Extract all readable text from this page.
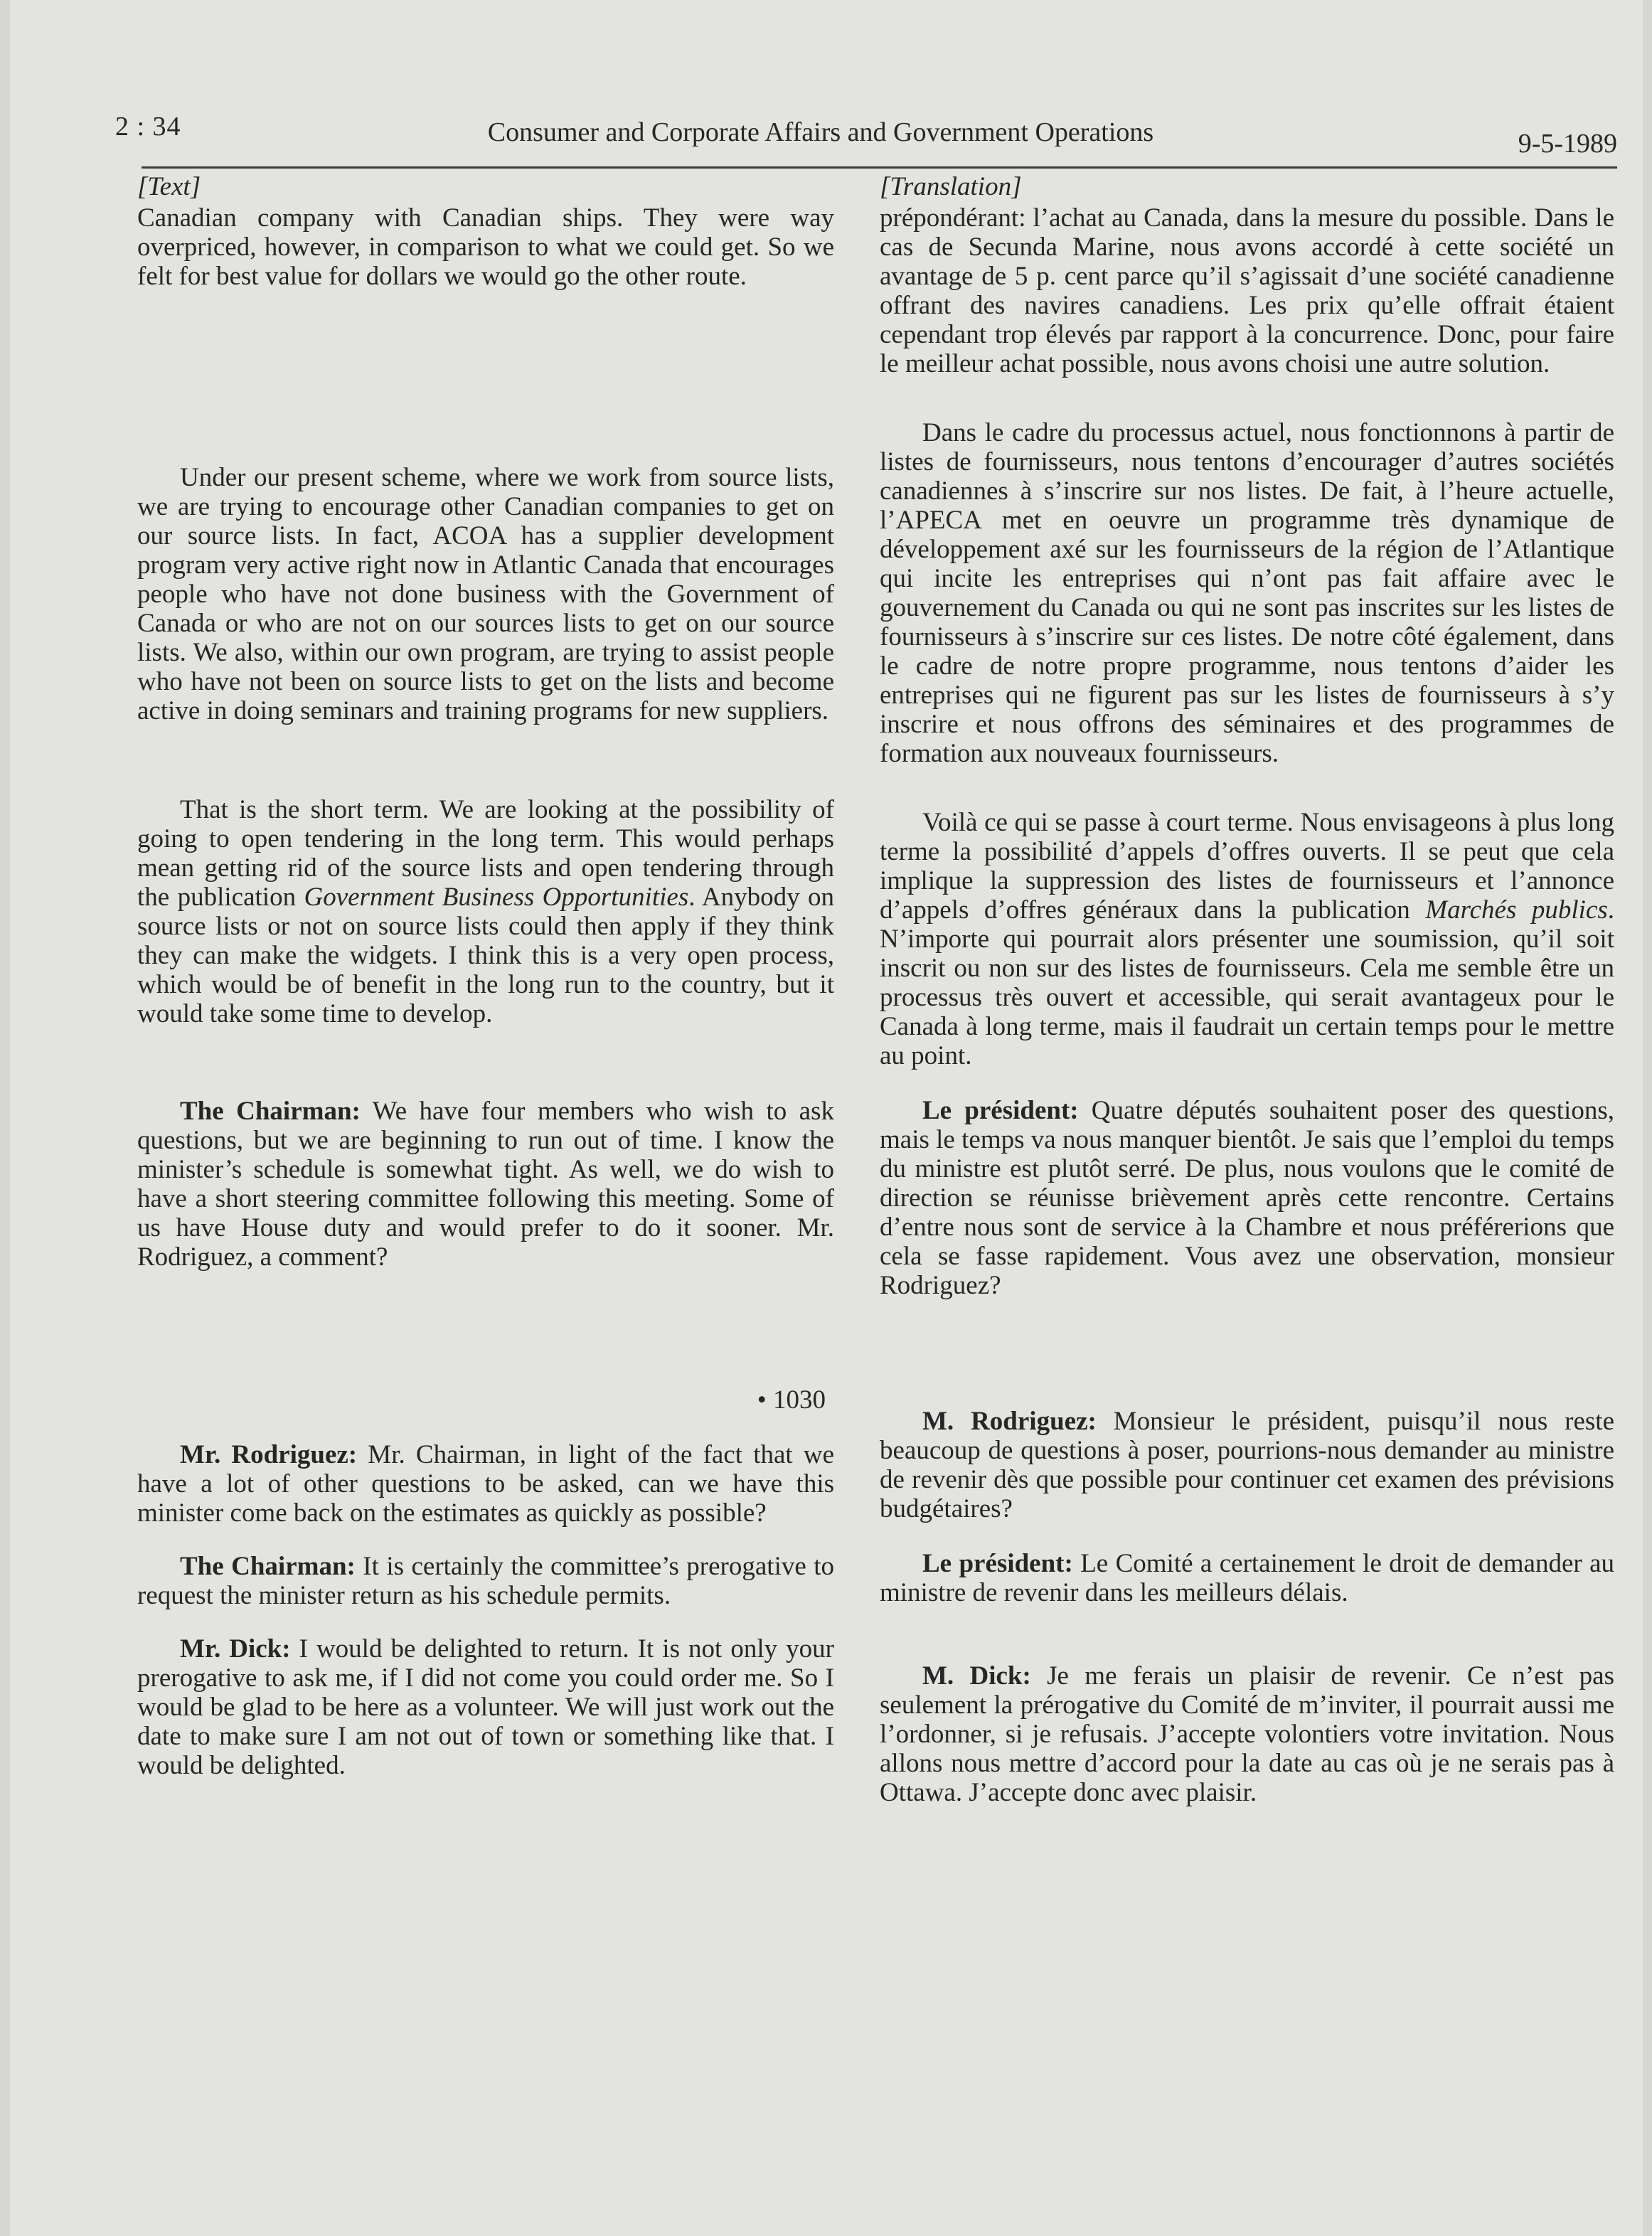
2 : 34	Consumer and Corporate Affairs and Government Operations	9-5-1989
[Text]

Canadian company with Canadian ships. They were way overpriced, however, in comparison to what we could get. So we felt for best value for dollars we would go the other route.

Under our present scheme, where we work from source lists, we are trying to encourage other Canadian companies to get on our source lists. In fact, ACOA has a supplier development program very active right now in Atlantic Canada that encourages people who have not done business with the Government of Canada or who are not on our sources lists to get on our source lists. We also, within our own program, are trying to assist people who have not been on source lists to get on the lists and become active in doing seminars and training programs for new suppliers.

That is the short term. We are looking at the possibility of going to open tendering in the long term. This would perhaps mean getting rid of the source lists and open tendering through the publication Government Business Opportunities. Anybody on source lists or not on source lists could then apply if they think they can make the widgets. I think this is a very open process, which would be of benefit in the long run to the country, but it would take some time to develop.

The Chairman: We have four members who wish to ask questions, but we are beginning to run out of time. I know the minister’s schedule is somewhat tight. As well, we do wish to have a short steering committee following this meeting. Some of us have House duty and would prefer to do it sooner. Mr. Rodriguez, a comment?

• 1030

Mr. Rodriguez: Mr. Chairman, in light of the fact that we have a lot of other questions to be asked, can we have this minister come back on the estimates as quickly as possible?

The Chairman: It is certainly the committee’s prerogative to request the minister return as his schedule permits.

Mr. Dick: I would be delighted to return. It is not only your prerogative to ask me, if I did not come you could order me. So I would be glad to be here as a volunteer. We will just work out the date to make sure I am not out of town or something like that. I would be delighted.

[Translation]

prépondérant: l’achat au Canada, dans la mesure du possible. Dans le cas de Secunda Marine, nous avons accordé à cette société un avantage de 5 p. cent parce qu’il s’agissait d’une société canadienne offrant des navires canadiens. Les prix qu’elle offrait étaient cependant trop élevés par rapport à la concurrence. Donc, pour faire le meilleur achat possible, nous avons choisi une autre solution.

Dans le cadre du processus actuel, nous fonctionnons à partir de listes de fournisseurs, nous tentons d’encourager d’autres sociétés canadiennes à s’inscrire sur nos listes. De fait, à l’heure actuelle, l’APECA met en oeuvre un programme très dynamique de développement axé sur les fournisseurs de la région de l’Atlantique qui incite les entreprises qui n’ont pas fait affaire avec le gouvernement du Canada ou qui ne sont pas inscrites sur les listes de fournisseurs à s’inscrire sur ces listes. De notre côté également, dans le cadre de notre propre programme, nous tentons d’aider les entreprises qui ne figurent pas sur les listes de fournisseurs à s’y inscrire et nous offrons des séminaires et des programmes de formation aux nouveaux fournisseurs.

Voilà ce qui se passe à court terme. Nous envisageons à plus long terme la possibilité d’appels d’offres ouverts. Il se peut que cela implique la suppression des listes de fournisseurs et l’annonce d’appels d’offres généraux dans la publication Marchés publics. N’importe qui pourrait alors présenter une soumission, qu’il soit inscrit ou non sur des listes de fournisseurs. Cela me semble être un processus très ouvert et accessible, qui serait avantageux pour le Canada à long terme, mais il faudrait un certain temps pour le mettre au point.

Le président: Quatre députés souhaitent poser des questions, mais le temps va nous manquer bientôt. Je sais que l’emploi du temps du ministre est plutôt serré. De plus, nous voulons que le comité de direction se réunisse brièvement après cette rencontre. Certains d’entre nous sont de service à la Chambre et nous préférerions que cela se fasse rapidement. Vous avez une observation, monsieur Rodriguez?

M. Rodriguez: Monsieur le président, puisqu’il nous reste beaucoup de questions à poser, pourrions-nous demander au ministre de revenir dès que possible pour continuer cet examen des prévisions budgétaires?

Le président: Le Comité a certainement le droit de demander au ministre de revenir dans les meilleurs délais.

M. Dick: Je me ferais un plaisir de revenir. Ce n’est pas seulement la prérogative du Comité de m’inviter, il pourrait aussi me l’ordonner, si je refusais. J’accepte volontiers votre invitation. Nous allons nous mettre d’accord pour la date au cas où je ne serais pas à Ottawa. J’accepte donc avec plaisir.
